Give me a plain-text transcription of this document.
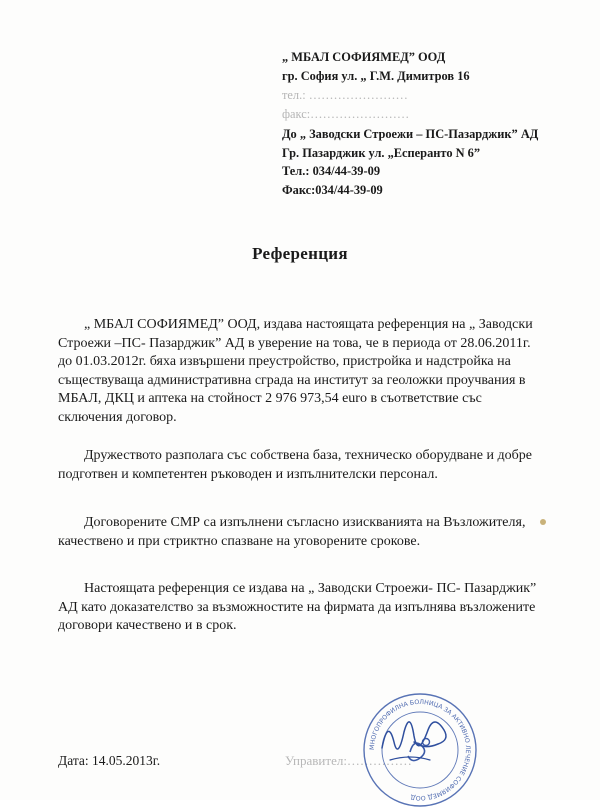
„ МБАЛ СОФИЯМЕД” ООД
гр. София ул. „ Г.М. Димитров 16
тел.: ……………………
факс:……………………
До „ Заводски Строежи – ПС-Пазарджик” АД
Гр. Пазарджик ул. „Есперанто N 6”
Тел.: 034/44-39-09
Факс:034/44-39-09
Референция
„ МБАЛ СОФИЯМЕД” ООД, издава настоящата референция на „ Заводски Строежи –ПС- Пазарджик” АД в уверение на това, че в периода от 28.06.2011г. до 01.03.2012г. бяха извършени преустройство, пристройка и надстройка на съществуваща административна сграда на институт за геоложки проучвания в МБАЛ, ДКЦ и аптека на стойност 2 976 973,54 euro в съответствие със сключения договор.
Дружеството разполага със собствена база, техническо оборудване и добре подготвен и компетентен ръководен и изпълнителски персонал.
Договорените СМР са изпълнени съгласно изискванията на Възложителя, качествено и при стриктно спазване на уговорените срокове.
Настоящата референция се издава на „ Заводски Строежи- ПС- Пазарджик” АД като доказателство за възможностите на фирмата да изпълнява възложените договори качествено и в срок.
Дата: 14.05.2013г.	Управител:……………
МНОГОПРОФИЛНА БОЛНИЦА ЗА АКТИВНО ЛЕЧЕНИЕ СОФИЯМЕД ООД
